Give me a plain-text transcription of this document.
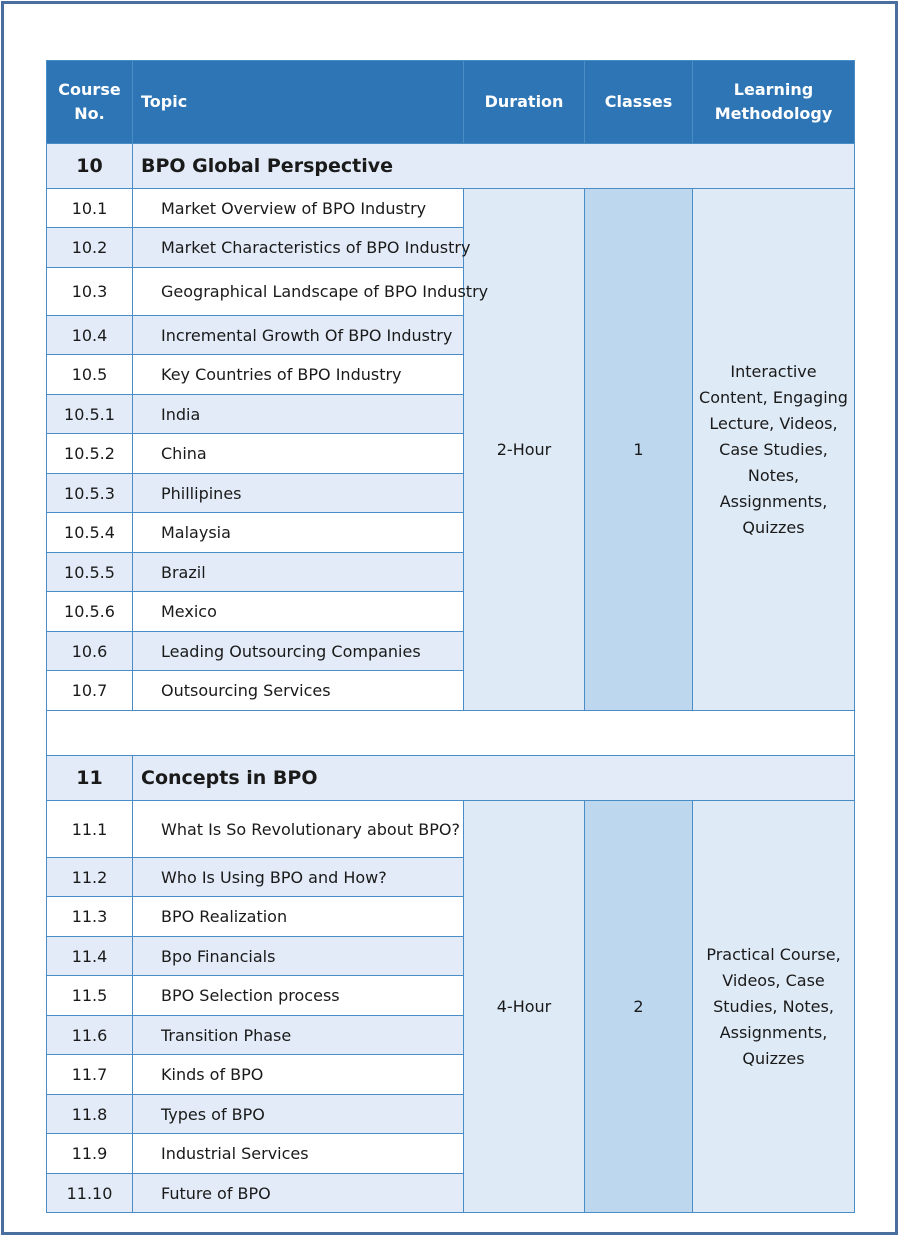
Course No.	Topic	Duration	Classes	Learning Methodology
10	BPO Global Perspective			
10.1	Market Overview of BPO Industry	2-Hour	1	Interactive Content, Engaging Lecture, Videos, Case Studies, Notes, Assignments, Quizzes
10.2	Market Characteristics of BPO Industry			
10.3	Geographical Landscape of BPO Industry			
10.4	Incremental Growth Of BPO Industry			
10.5	Key Countries of BPO Industry			
10.5.1	India			
10.5.2	China			
10.5.3	Phillipines			
10.5.4	Malaysia			
10.5.5	Brazil			
10.5.6	Mexico			
10.6	Leading Outsourcing Companies			
10.7	Outsourcing Services			

11	Concepts in BPO			
11.1	What Is So Revolutionary about BPO?	4-Hour	2	Practical Course, Videos, Case Studies, Notes, Assignments, Quizzes
11.2	Who Is Using BPO and How?			
11.3	BPO Realization			
11.4	Bpo Financials			
11.5	BPO Selection process			
11.6	Transition Phase			
11.7	Kinds of BPO			
11.8	Types of BPO			
11.9	Industrial Services			
11.10	Future of BPO			
